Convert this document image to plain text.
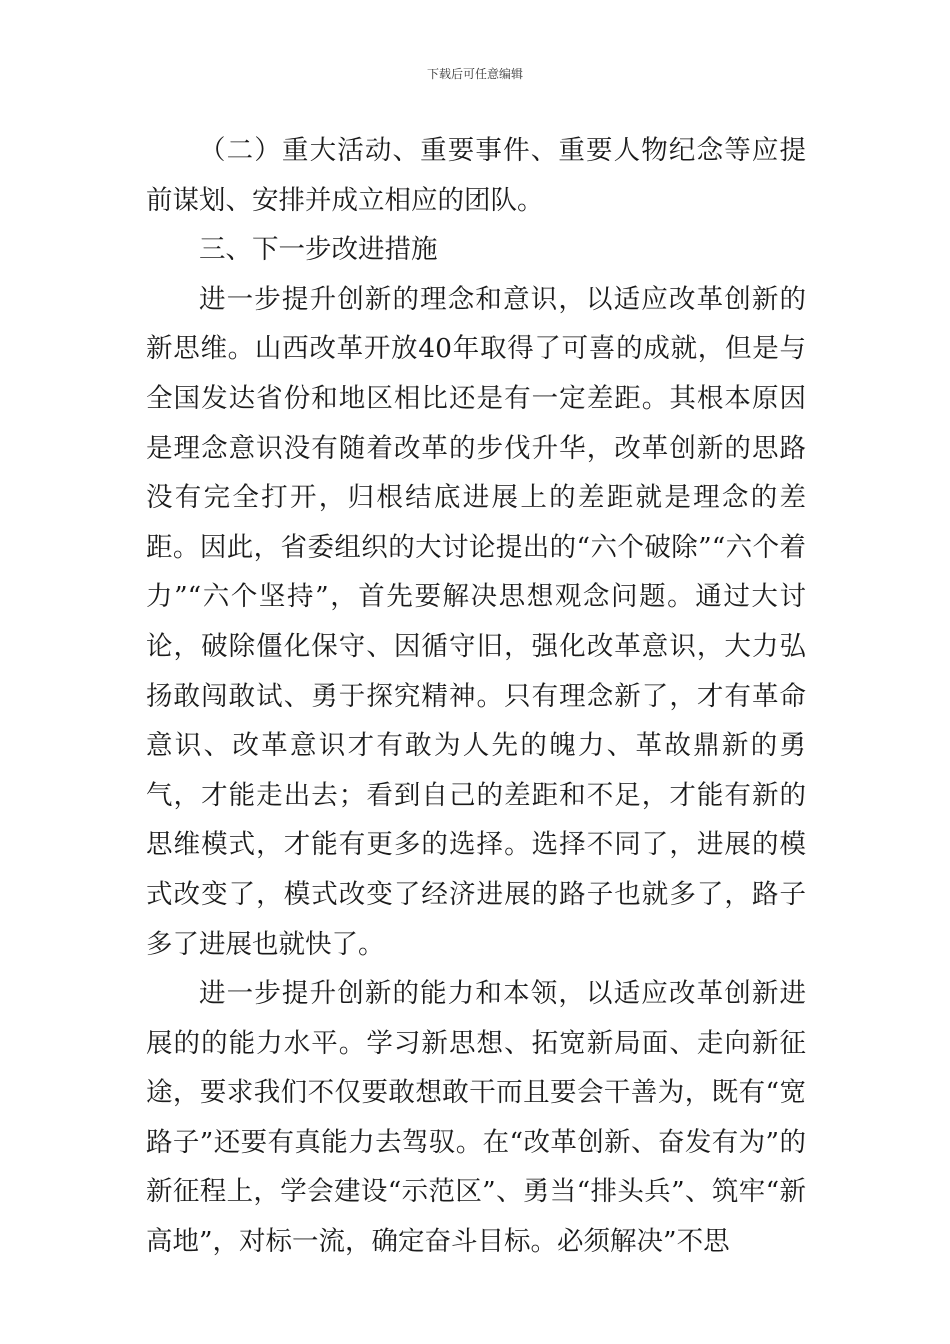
下载后可任意编辑

（二）重大活动、重要事件、重要人物纪念等应提前谋划、安排并成立相应的团队。

三、下一步改进措施

进一步提升创新的理念和意识，以适应改革创新的新思维。山西改革开放40年取得了可喜的成就，但是与全国发达省份和地区相比还是有一定差距。其根本原因是理念意识没有随着改革的步伐升华，改革创新的思路没有完全打开，归根结底进展上的差距就是理念的差距。因此，省委组织的大讨论提出的“六个破除”“六个着力”“六个坚持”，首先要解决思想观念问题。通过大讨论，破除僵化保守、因循守旧，强化改革意识，大力弘扬敢闯敢试、勇于探究精神。只有理念新了，才有革命意识、改革意识才有敢为人先的魄力、革故鼎新的勇气，才能走出去；看到自己的差距和不足，才能有新的思维模式，才能有更多的选择。选择不同了，进展的模式改变了，模式改变了经济进展的路子也就多了，路子多了进展也就快了。

进一步提升创新的能力和本领，以适应改革创新进展的的能力水平。学习新思想、拓宽新局面、走向新征途，要求我们不仅要敢想敢干而且要会干善为，既有“宽路子”还要有真能力去驾驭。在“改革创新、奋发有为”的新征程上，学会建设“示范区”、勇当“排头兵”、筑牢“新高地”，对标一流，确定奋斗目标。必须解决”不思
